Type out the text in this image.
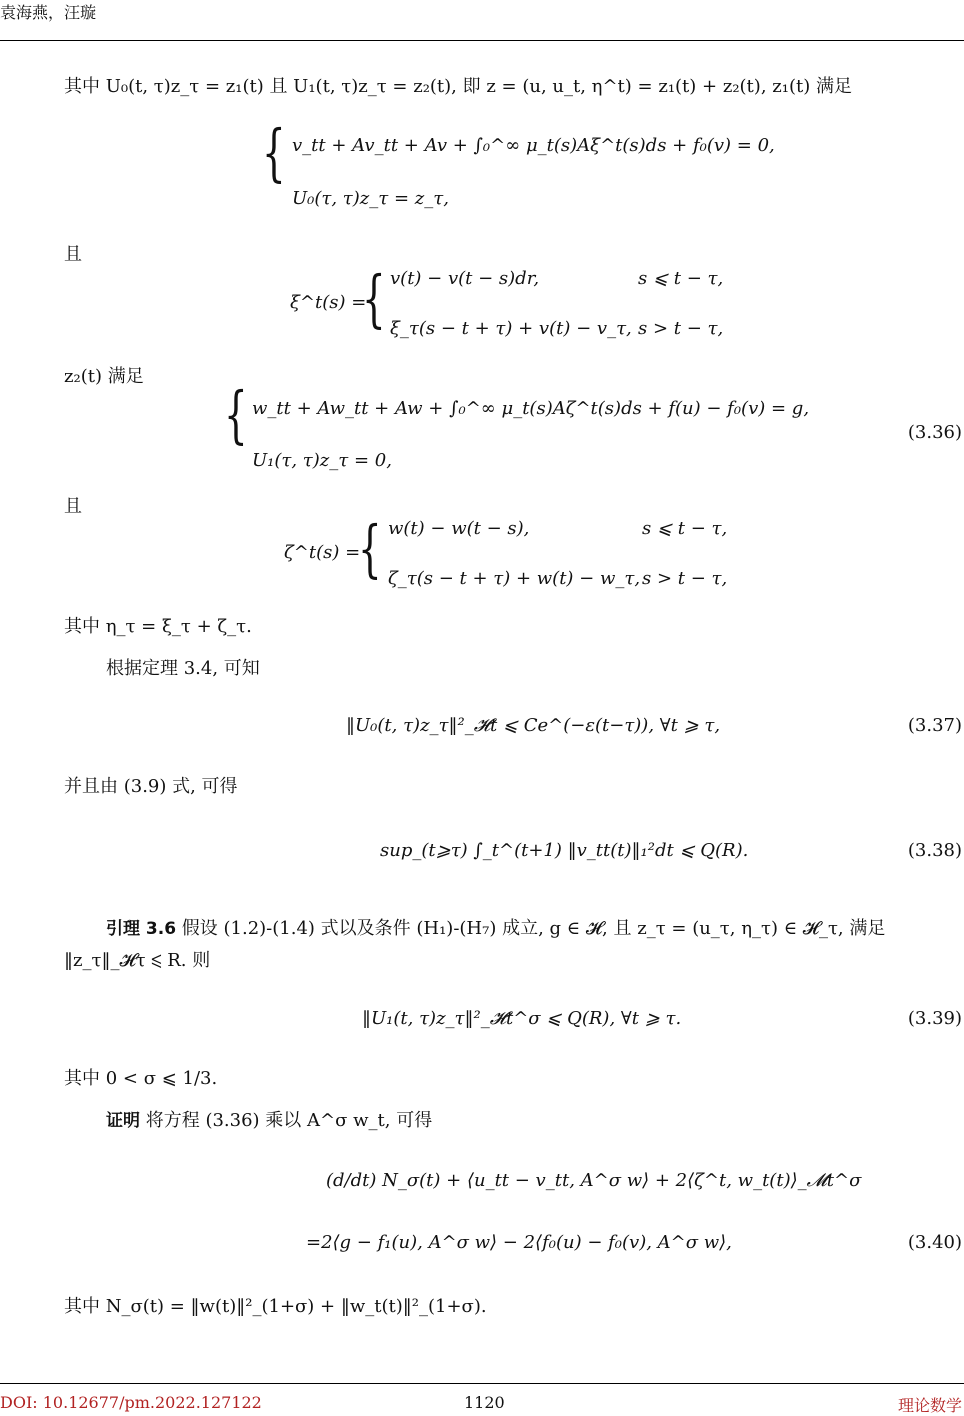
袁海燕，汪璇
其中 U₀(t, τ)z_τ = z₁(t) 且 U₁(t, τ)z_τ = z₂(t), 即 z = (u, u_t, η^t) = z₁(t) + z₂(t), z₁(t) 满足
{ v_tt + Av_tt + Av + ∫₀^∞ μ_t(s)Aξ^t(s)ds + f₀(v) = 0,
U₀(τ, τ)z_τ = z_τ,
且
ξ^t(s) =
{ v(t) − v(t − s)dr,	s ⩽ t − τ,
ξ_τ(s − t + τ) + v(t) − v_τ, s > t − τ,
z₂(t) 满足
{ w_tt + Aw_tt + Aw + ∫₀^∞ μ_t(s)Aζ^t(s)ds + f(u) − f₀(v) = g,
U₁(τ, τ)z_τ = 0,
(3.36)
且
ζ^t(s) =
{ w(t) − w(t − s),	s ⩽ t − τ,
ζ_τ(s − t + τ) + w(t) − w_τ, s > t − τ,
其中 η_τ = ξ_τ + ζ_τ.
根据定理 3.4, 可知
‖U₀(t, τ)z_τ‖²_𝓗t ⩽ Ce^(−ε(t−τ)), ∀t ⩾ τ,	(3.37)
并且由 (3.9) 式, 可得
sup_(t⩾τ) ∫_t^(t+1) ‖v_tt(t)‖₁²dt ⩽ Q(R).	(3.38)
引理 3.6 假设 (1.2)-(1.4) 式以及条件 (H₁)-(H₇) 成立, g ∈ 𝓗, 且 z_τ = (u_τ, η_τ) ∈ 𝓗_τ, 满足
‖z_τ‖_𝓗τ ⩽ R. 则
‖U₁(t, τ)z_τ‖²_𝓗t^σ ⩽ Q(R), ∀t ⩾ τ.	(3.39)
其中 0 < σ ⩽ 1/3.
证明 将方程 (3.36) 乘以 A^σ w_t, 可得
(d/dt) N_σ(t) + ⟨u_tt − v_tt, A^σ w⟩ + 2⟨ζ^t, w_t(t)⟩_𝓜t^σ
=2⟨g − f₁(u), A^σ w⟩ − 2⟨f₀(u) − f₀(v), A^σ w⟩,	(3.40)
其中 N_σ(t) = ‖w(t)‖²_(1+σ) + ‖w_t(t)‖²_(1+σ).
DOI: 10.12677/pm.2022.127122	1120	理论数学
